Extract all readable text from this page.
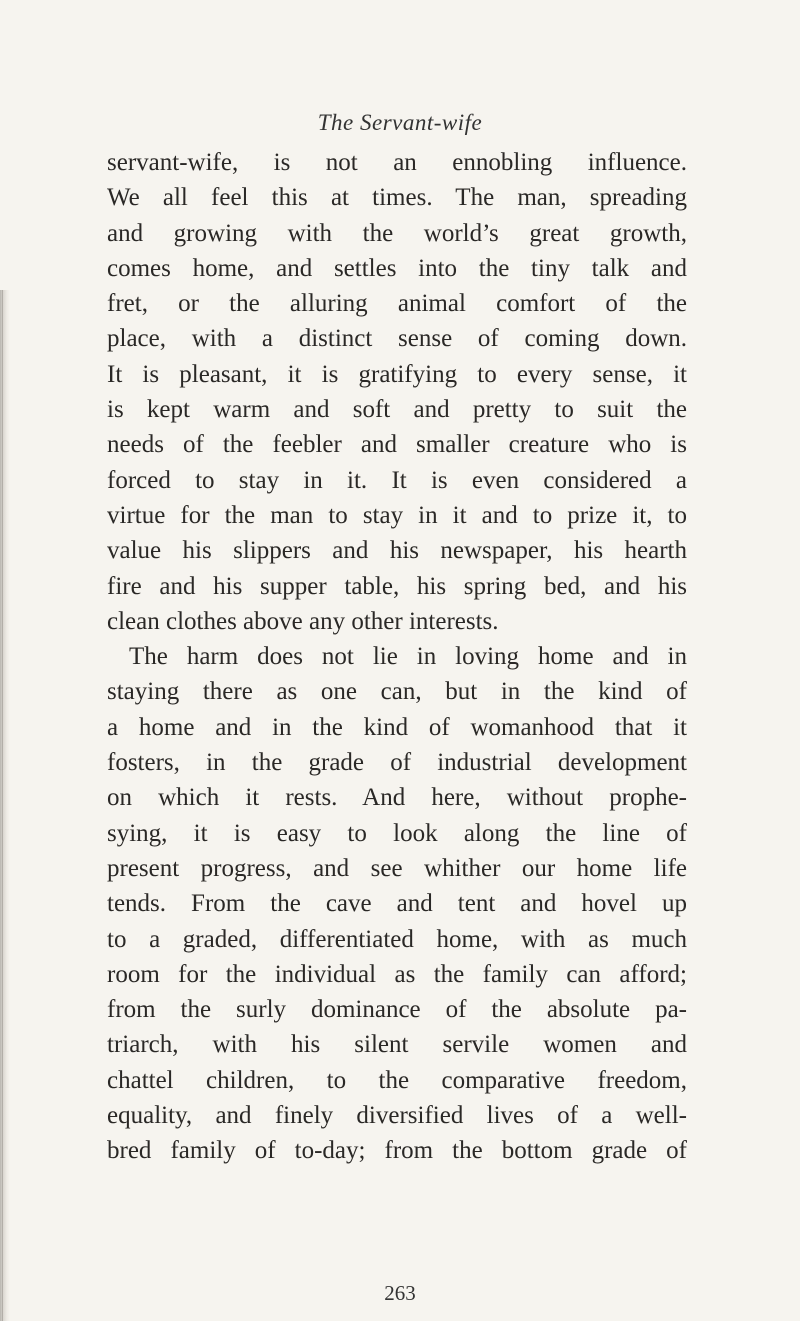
The Servant-wife
servant-wife, is not an ennobling influence.
We all feel this at times. The man, spreading
and growing with the world’s great growth,
comes home, and settles into the tiny talk and
fret, or the alluring animal comfort of the
place, with a distinct sense of coming down.
It is pleasant, it is gratifying to every sense, it
is kept warm and soft and pretty to suit the
needs of the feebler and smaller creature who is
forced to stay in it. It is even considered a
virtue for the man to stay in it and to prize it, to
value his slippers and his newspaper, his hearth
fire and his supper table, his spring bed, and his
clean clothes above any other interests.
The harm does not lie in loving home and in
staying there as one can, but in the kind of
a home and in the kind of womanhood that it
fosters, in the grade of industrial development
on which it rests. And here, without prophe-
sying, it is easy to look along the line of
present progress, and see whither our home life
tends. From the cave and tent and hovel up
to a graded, differentiated home, with as much
room for the individual as the family can afford;
from the surly dominance of the absolute pa-
triarch, with his silent servile women and
chattel children, to the comparative freedom,
equality, and finely diversified lives of a well-
bred family of to-day; from the bottom grade of
263
